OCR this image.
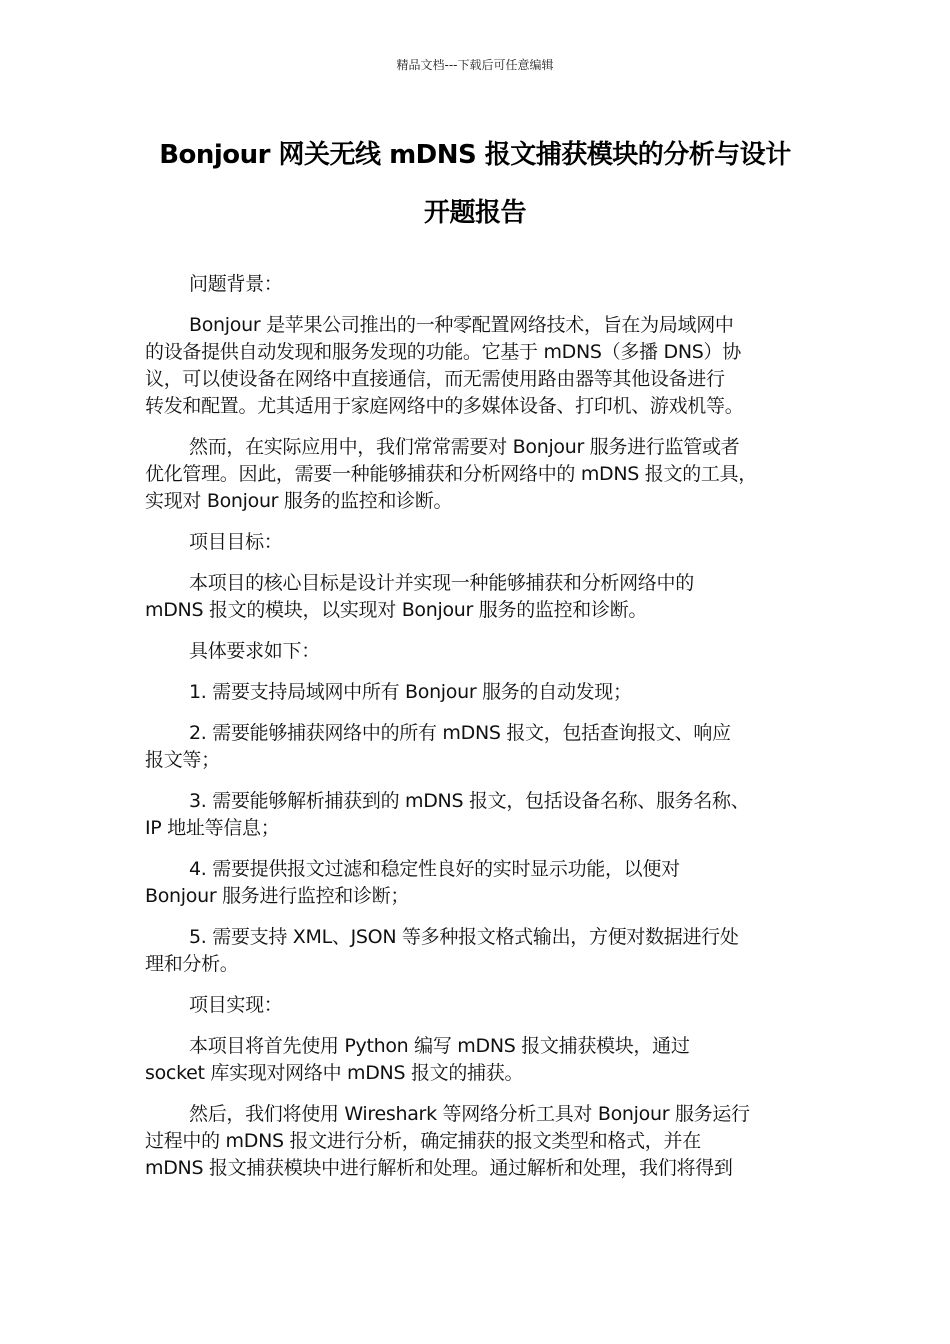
精品文档---下载后可任意编辑
Bonjour 网关无线 mDNS 报文捕获模块的分析与设计
开题报告

问题背景：

Bonjour 是苹果公司推出的一种零配置网络技术，旨在为局域网中
的设备提供自动发现和服务发现的功能。它基于 mDNS（多播 DNS）协
议，可以使设备在网络中直接通信，而无需使用路由器等其他设备进行
转发和配置。尤其适用于家庭网络中的多媒体设备、打印机、游戏机等。

然而，在实际应用中，我们常常需要对 Bonjour 服务进行监管或者
优化管理。因此，需要一种能够捕获和分析网络中的 mDNS 报文的工具，
实现对 Bonjour 服务的监控和诊断。

项目目标：

本项目的核心目标是设计并实现一种能够捕获和分析网络中的
mDNS 报文的模块，以实现对 Bonjour 服务的监控和诊断。

具体要求如下：

1. 需要支持局域网中所有 Bonjour 服务的自动发现；

2. 需要能够捕获网络中的所有 mDNS 报文，包括查询报文、响应
报文等；

3. 需要能够解析捕获到的 mDNS 报文，包括设备名称、服务名称、
IP 地址等信息；

4. 需要提供报文过滤和稳定性良好的实时显示功能，以便对
Bonjour 服务进行监控和诊断；

5. 需要支持 XML、JSON 等多种报文格式输出，方便对数据进行处
理和分析。

项目实现：

本项目将首先使用 Python 编写 mDNS 报文捕获模块，通过
socket 库实现对网络中 mDNS 报文的捕获。

然后，我们将使用 Wireshark 等网络分析工具对 Bonjour 服务运行
过程中的 mDNS 报文进行分析，确定捕获的报文类型和格式，并在
mDNS 报文捕获模块中进行解析和处理。通过解析和处理，我们将得到
